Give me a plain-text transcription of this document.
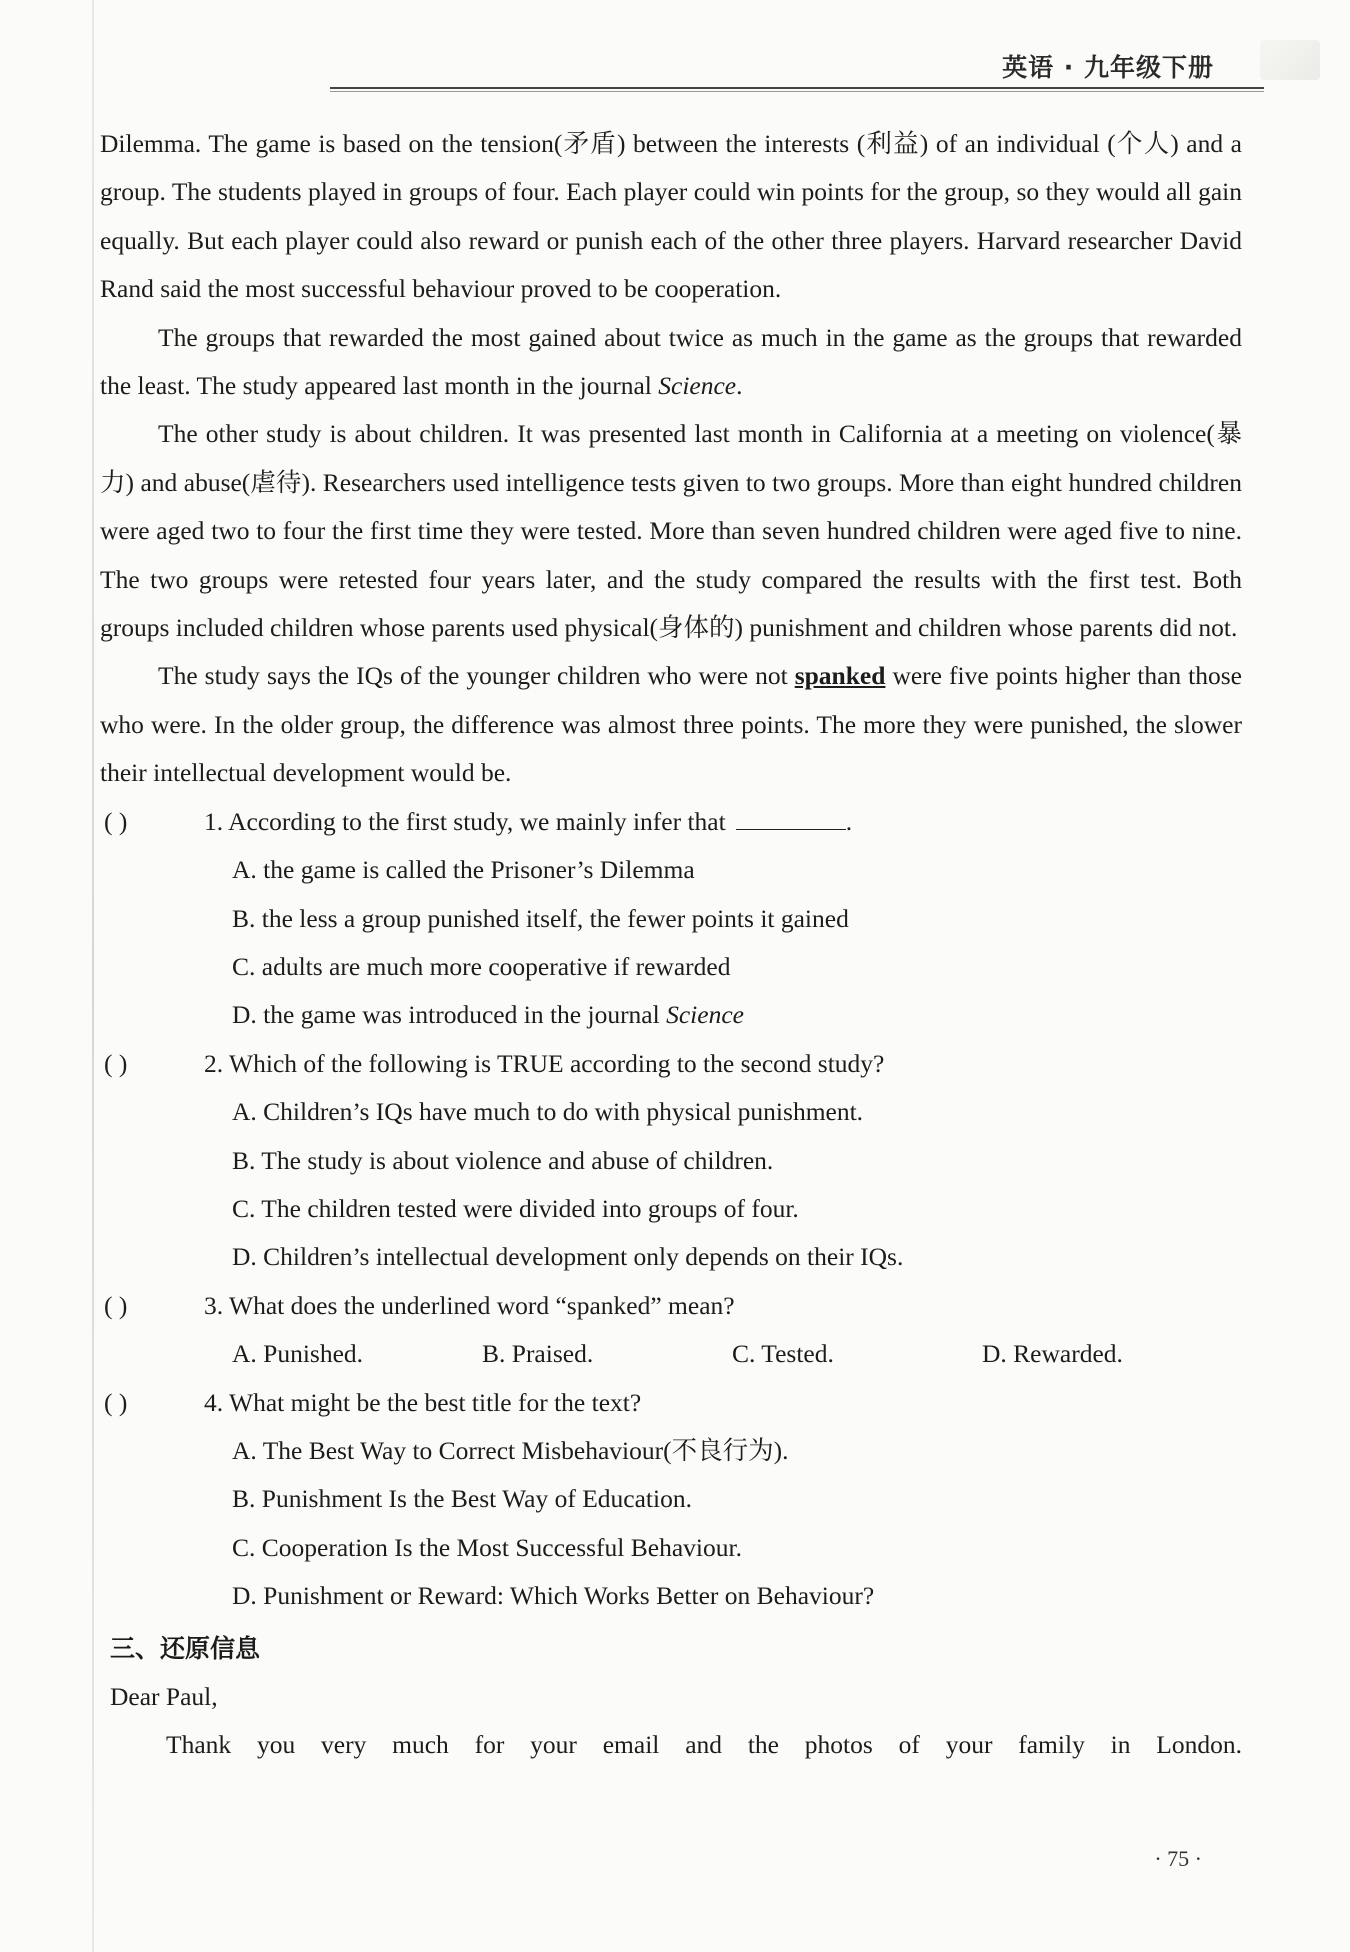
英语 · 九年级下册

Dilemma. The game is based on the tension(矛盾) between the interests (利益) of an individual (个人) and a group. The students played in groups of four. Each player could win points for the group, so they would all gain equally. But each player could also reward or punish each of the other three players. Harvard researcher David Rand said the most successful behaviour proved to be cooperation.

The groups that rewarded the most gained about twice as much in the game as the groups that rewarded the least. The study appeared last month in the journal Science.

The other study is about children. It was presented last month in California at a meeting on violence(暴力) and abuse(虐待). Researchers used intelligence tests given to two groups. More than eight hundred children were aged two to four the first time they were tested. More than seven hundred children were aged five to nine. The two groups were retested four years later, and the study compared the results with the first test. Both groups included children whose parents used physical(身体的) punishment and children whose parents did not.

The study says the IQs of the younger children who were not spanked were five points higher than those who were. In the older group, the difference was almost three points. The more they were punished, the slower their intellectual development would be.

( )	1. According to the first study, we mainly infer that	.

A. the game is called the Prisoner’s Dilemma

B. the less a group punished itself, the fewer points it gained

C. adults are much more cooperative if rewarded

D. the game was introduced in the journal Science

( )	2. Which of the following is TRUE according to the second study?

A. Children’s IQs have much to do with physical punishment.

B. The study is about violence and abuse of children.

C. The children tested were divided into groups of four.

D. Children’s intellectual development only depends on their IQs.

( )	3. What does the underlined word “spanked” mean?

A. Punished.	B. Praised.	C. Tested.	D. Rewarded.

( )	4. What might be the best title for the text?

A. The Best Way to Correct Misbehaviour(不良行为).

B. Punishment Is the Best Way of Education.

C. Cooperation Is the Most Successful Behaviour.

D. Punishment or Reward: Which Works Better on Behaviour?

三、还原信息

Dear Paul,

Thank you very much for your email and the photos of your family in London.

· 75 ·
